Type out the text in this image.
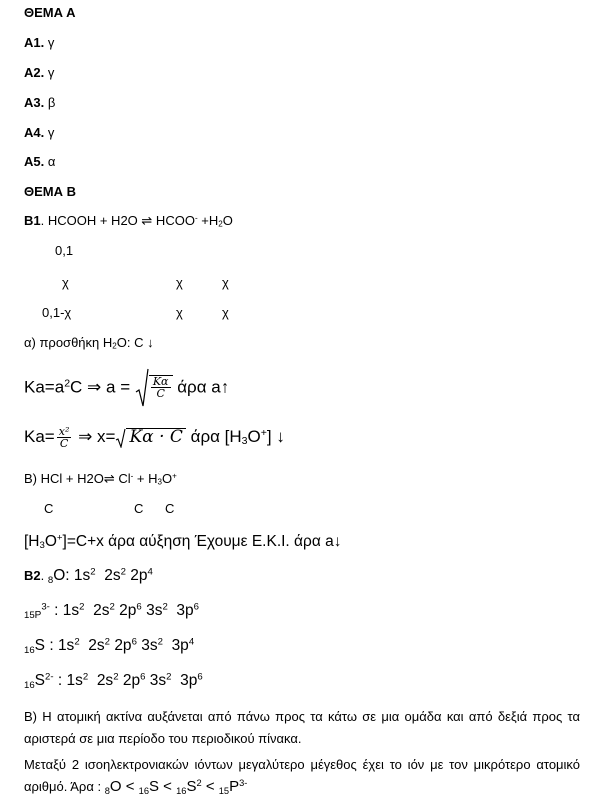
ΘΕΜΑ Α
Α1. γ
Α2. γ
Α3. β
Α4. γ
Α5. α
ΘΕΜΑ Β
Β1. HCOOH + H2O ⇌ HCOO- $+H_2O$
0,1
χ	χ	χ
0,1-χ	χ	χ
α) προσθήκη $H_2O$: C ↓
$Ka=a^2C$ ⇒ $a = \frac{K\alpha}{C}$ άρα a↑
$Ka= \frac{\text{x²}}{C}$ ⇒ x= Κα · C άρα $[H_3O^+]$ ↓
Β) HCl + H2O⇌ $Cl^- + H_3O^+$
C	C C
$[H_3O^+]=C+x$ άρα αύξηση Έχουμε Ε.Κ.Ι. άρα a↓
Β2. 8O: $1s^2$ $2s^2$ $2p^4$
$15P^{3-}$ : $1s^2$ $2s^2$ $2p^6$ $3s^2$ $3p^6$
16S : $1s^2$ $2s^2$ $2p^6$ $3s^2$ $3p^4$
$16S^{2-}$ : $1s^2$ $2s^2$ $2p^6$ $3s^2$ $3p^6$
Β) Η ατομική ακτίνα αυξάνεται από πάνω προς τα κάτω σε μια ομάδα και από δεξιά προς τα αριστερά σε μια περίοδο του περιοδικού πίνακα.
Μεταξύ 2 ισοηλεκτρονιακών ιόντων μεγαλύτερο μέγεθος έχει το ιόν με τον μικρότερο ατομικό αριθμό. Άρα : $8O < 16S < 16S^2 < 15P^{3-}$
